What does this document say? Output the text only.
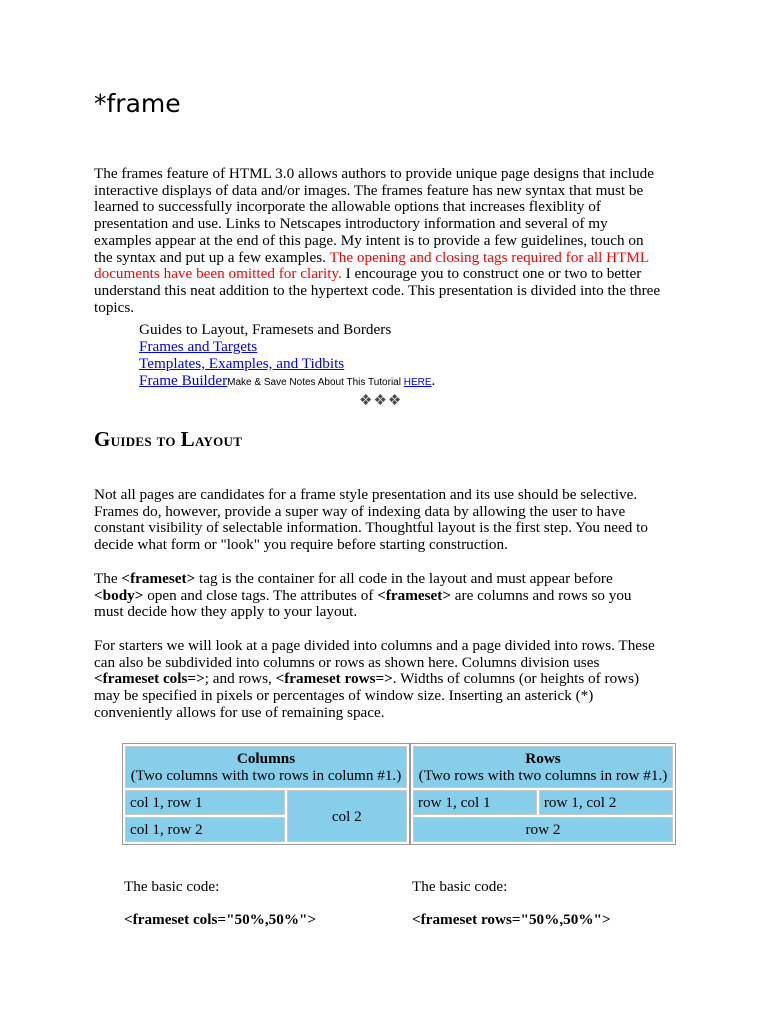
*frame

The frames feature of HTML 3.0 allows authors to provide unique page designs that include interactive displays of data and/or images. The frames feature has new syntax that must be learned to successfully incorporate the allowable options that increases flexiblity of presentation and use. Links to Netscapes introductory information and several of my examples appear at the end of this page. My intent is to provide a few guidelines, touch on the syntax and put up a few examples. The opening and closing tags required for all HTML documents have been omitted for clarity. I encourage you to construct one or two to better understand this neat addition to the hypertext code. This presentation is divided into the three topics.

Guides to Layout, Framesets and Borders
Frames and Targets
Templates, Examples, and Tidbits
Frame BuilderMake & Save Notes About This Tutorial HERE.
❖❖❖
Guides to Layout

Not all pages are candidates for a frame style presentation and its use should be selective. Frames do, however, provide a super way of indexing data by allowing the user to have constant visibility of selectable information. Thoughtful layout is the first step. You need to decide what form or "look" you require before starting construction.

The <frameset> tag is the container for all code in the layout and must appear before <body> open and close tags. The attributes of <frameset> are columns and rows so you must decide how they apply to your layout.

For starters we will look at a page divided into columns and a page divided into rows. These can also be subdivided into columns or rows as shown here. Columns division uses <frameset cols=>; and rows, <frameset rows=>. Widths of columns (or heights of rows) may be specified in pixels or percentages of window size. Inserting an asterick (*) conveniently allows for use of remaining space.

Columns
(Two columns with two rows in column #1.)
col 1, row 1	col 2
col 1, row 2
Rows
(Two rows with two columns in row #1.)
row 1, col 1	row 1, col 2
row 2
The basic code:
<frameset cols="50%,50%">
The basic code:
<frameset rows="50%,50%">
